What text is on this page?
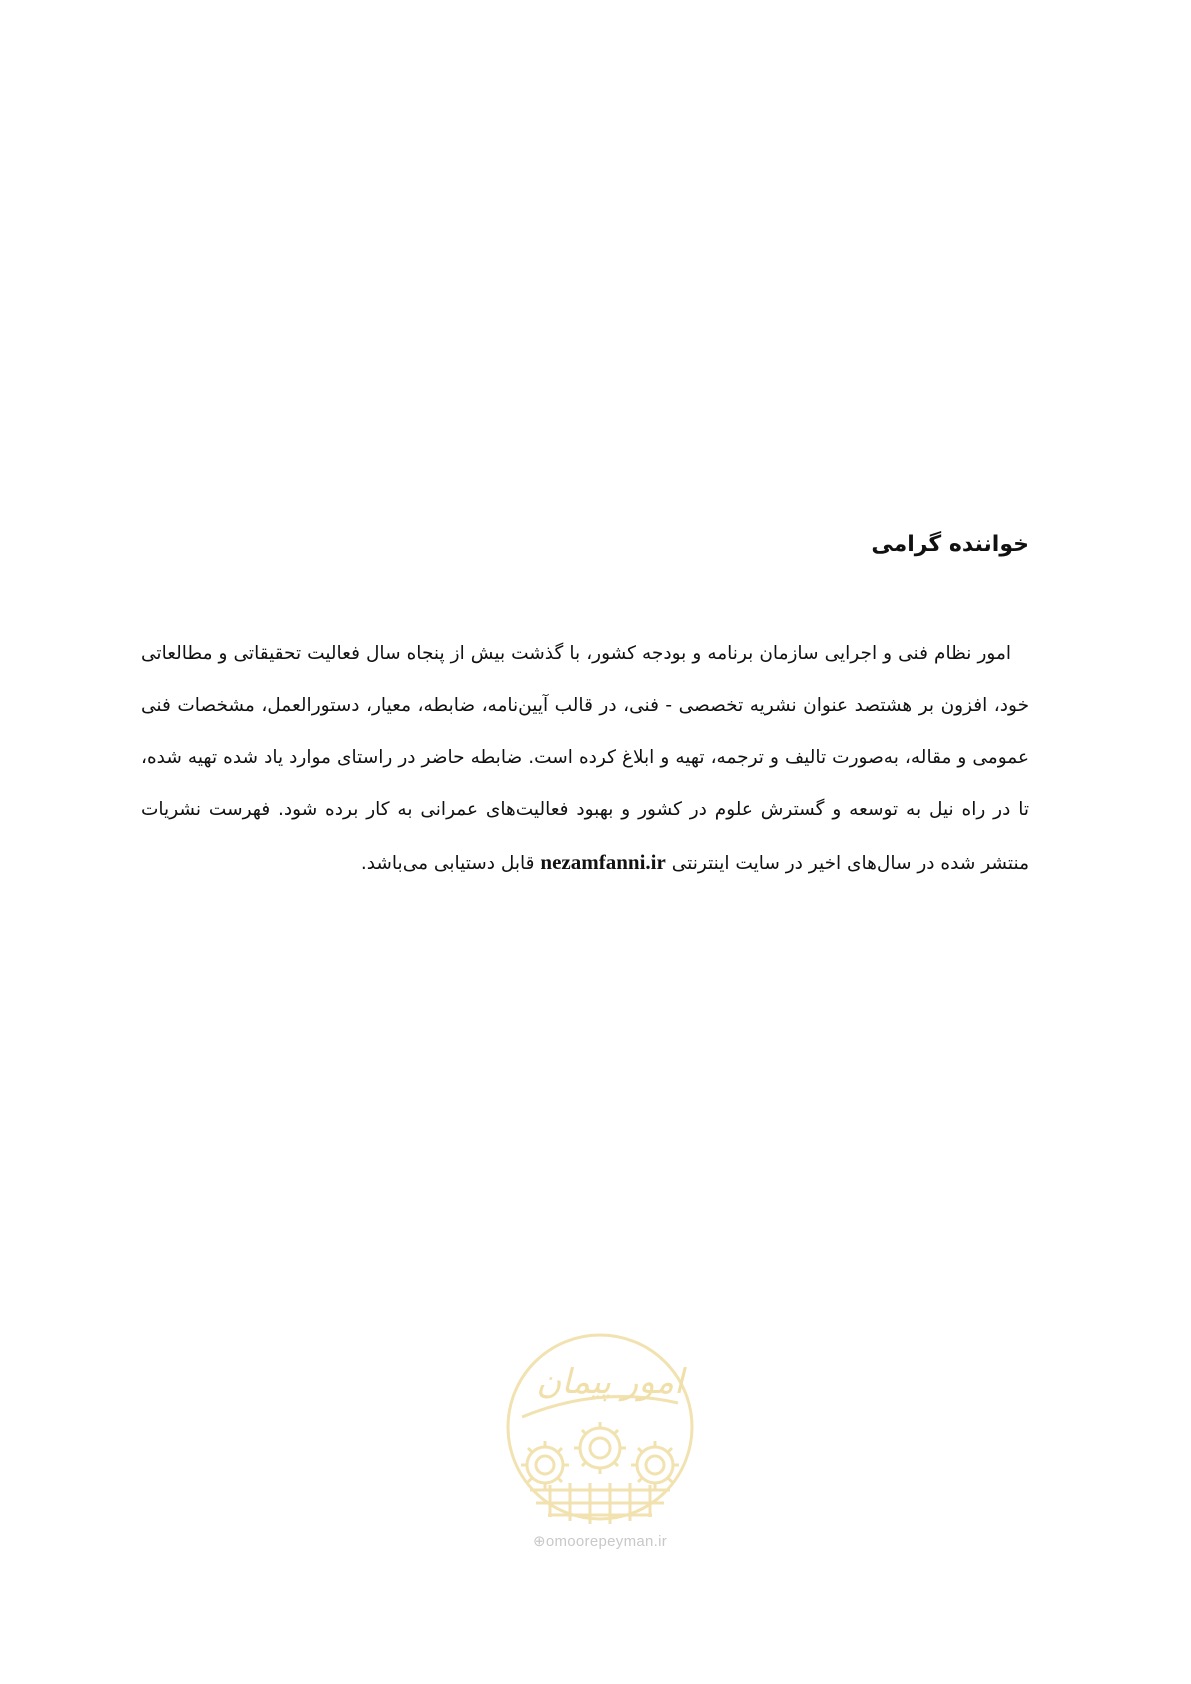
خواننده گرامی

امور نظام فنی و اجرایی سازمان برنامه و بودجه کشور، با گذشت بیش از پنجاه سال فعالیت تحقیقاتی و مطالعاتی خود، افزون بر هشتصد عنوان نشریه تخصصی - فنی، در قالب آیین‌نامه، ضابطه، معیار، دستورالعمل، مشخصات فنی عمومی و مقاله، به‌صورت تالیف و ترجمه، تهیه و ابلاغ کرده است. ضابطه حاضر در راستای موارد یاد شده تهیه شده، تا در راه نیل به توسعه و گسترش علوم در کشور و بهبود فعالیت‌های عمرانی به کار برده شود. فهرست نشریات منتشر شده در سال‌های اخیر در سایت اینترنتی nezamfanni.ir قابل دستیابی می‌باشد.

امور پیمان
⊕omoorepeyman.ir
